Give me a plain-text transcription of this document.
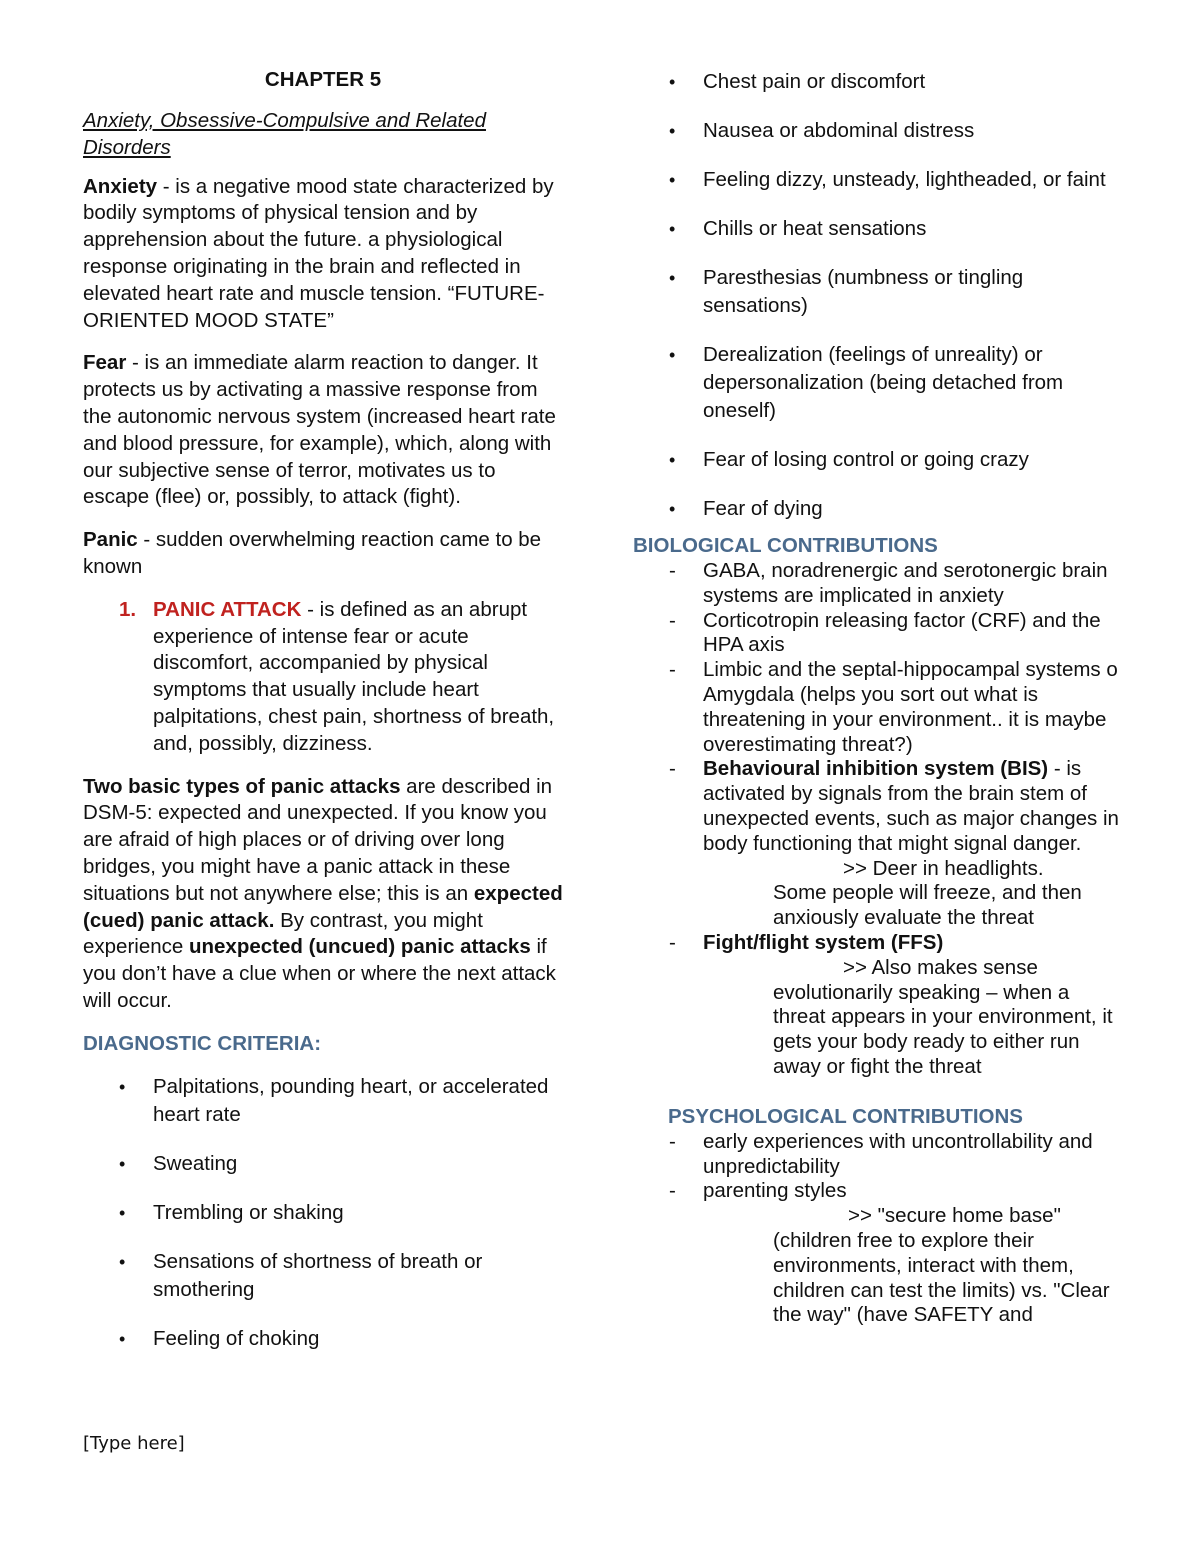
CHAPTER 5

Anxiety, Obsessive-Compulsive and Related Disorders

Anxiety - is a negative mood state characterized by bodily symptoms of physical tension and by apprehension about the future. a physiological response originating in the brain and reflected in elevated heart rate and muscle tension. “FUTURE-ORIENTED MOOD STATE”

Fear - is an immediate alarm reaction to danger. It protects us by activating a massive response from the autonomic nervous system (increased heart rate and blood pressure, for example), which, along with our subjective sense of terror, motivates us to escape (flee) or, possibly, to attack (fight).

Panic - sudden overwhelming reaction came to be known

1. PANIC ATTACK - is defined as an abrupt experience of intense fear or acute discomfort, accompanied by physical symptoms that usually include heart palpitations, chest pain, shortness of breath, and, possibly, dizziness.

Two basic types of panic attacks are described in DSM-5: expected and unexpected. If you know you are afraid of high places or of driving over long bridges, you might have a panic attack in these situations but not anywhere else; this is an expected (cued) panic attack. By contrast, you might experience unexpected (uncued) panic attacks if you don’t have a clue when or where the next attack will occur.

DIAGNOSTIC CRITERIA:

• Palpitations, pounding heart, or accelerated heart rate
• Sweating
• Trembling or shaking
• Sensations of shortness of breath or smothering
• Feeling of choking
• Chest pain or discomfort
• Nausea or abdominal distress
• Feeling dizzy, unsteady, lightheaded, or faint
• Chills or heat sensations
• Paresthesias (numbness or tingling sensations)
• Derealization (feelings of unreality) or depersonalization (being detached from oneself)
• Fear of losing control or going crazy
• Fear of dying

BIOLOGICAL CONTRIBUTIONS

- GABA, noradrenergic and serotonergic brain systems are implicated in anxiety
- Corticotropin releasing factor (CRF) and the HPA axis
- Limbic and the septal-hippocampal systems o Amygdala (helps you sort out what is threatening in your environment.. it is maybe overestimating threat?)
- Behavioural inhibition system (BIS) - is activated by signals from the brain stem of unexpected events, such as major changes in body functioning that might signal danger.
>> Deer in headlights.
Some people will freeze, and then anxiously evaluate the threat
- Fight/flight system (FFS)
>> Also makes sense
evolutionarily speaking – when a threat appears in your environment, it gets your body ready to either run away or fight the threat

PSYCHOLOGICAL CONTRIBUTIONS

- early experiences with uncontrollability and unpredictability
- parenting styles
>> "secure home base"
(children free to explore their environments, interact with them, children can test the limits) vs. "Clear the way" (have SAFETY and
[Type here]
